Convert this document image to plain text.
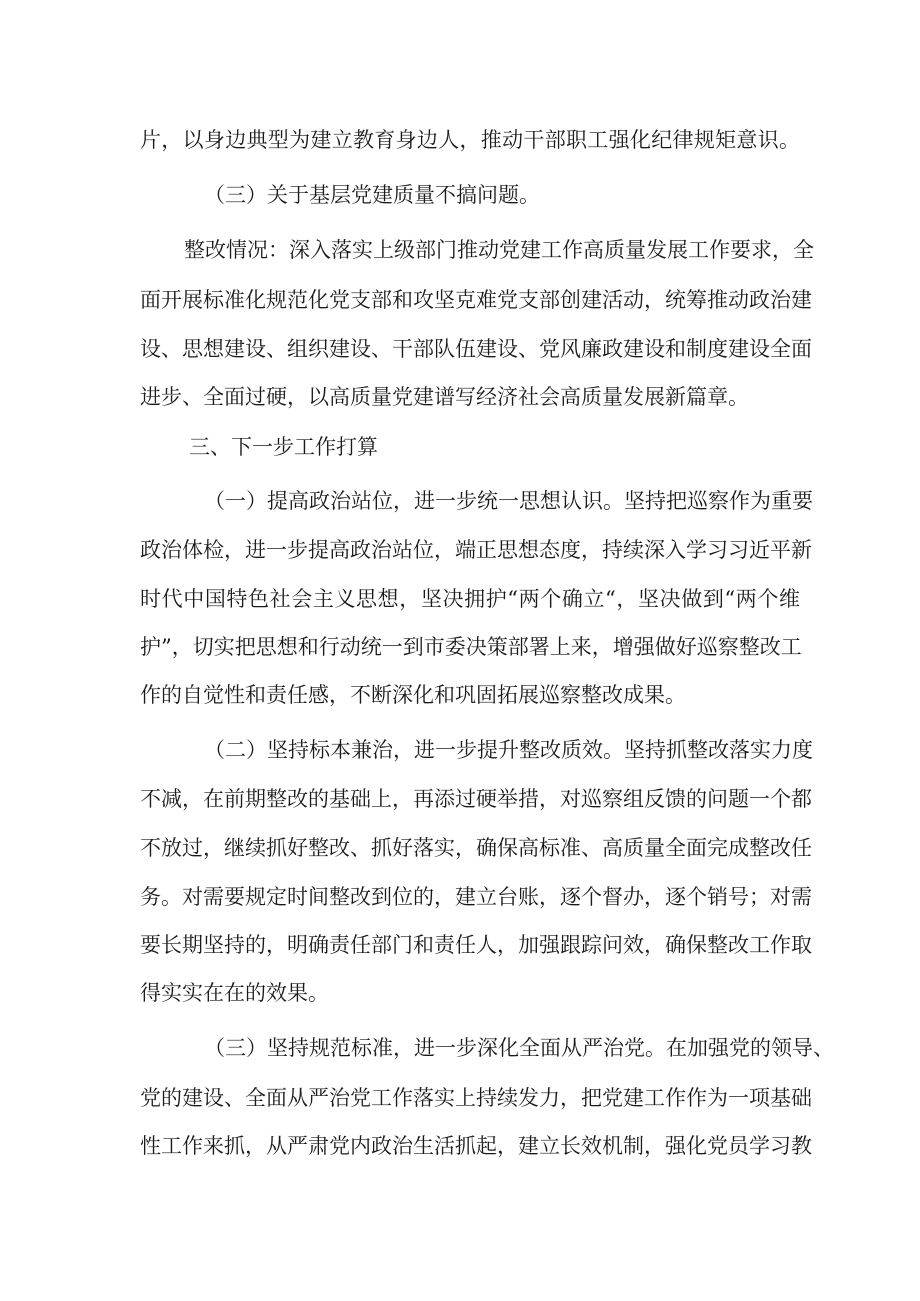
片，以身边典型为建立教育身边人，推动干部职工强化纪律规矩意识。
（三）关于基层党建质量不搞问题。
整改情况：深入落实上级部门推动党建工作高质量发展工作要求，全
面开展标准化规范化党支部和攻坚克难党支部创建活动，统筹推动政治建
设、思想建设、组织建设、干部队伍建设、党风廉政建设和制度建设全面
进步、全面过硬，以高质量党建谱写经济社会高质量发展新篇章。
三、下一步工作打算
（一）提高政治站位，进一步统一思想认识。坚持把巡察作为重要
政治体检，进一步提高政治站位，端正思想态度，持续深入学习习近平新
时代中国特色社会主义思想，坚决拥护“两个确立“，坚决做到“两个维
护”，切实把思想和行动统一到市委决策部署上来，增强做好巡察整改工
作的自觉性和责任感，不断深化和巩固拓展巡察整改成果。
（二）坚持标本兼治，进一步提升整改质效。坚持抓整改落实力度
不减，在前期整改的基础上，再添过硬举措，对巡察组反馈的问题一个都
不放过，继续抓好整改、抓好落实，确保高标准、高质量全面完成整改任
务。对需要规定时间整改到位的，建立台账，逐个督办，逐个销号；对需
要长期坚持的，明确责任部门和责任人，加强跟踪问效，确保整改工作取
得实实在在的效果。
（三）坚持规范标准，进一步深化全面从严治党。在加强党的领导、
党的建设、全面从严治党工作落实上持续发力，把党建工作作为一项基础
性工作来抓，从严肃党内政治生活抓起，建立长效机制，强化党员学习教
